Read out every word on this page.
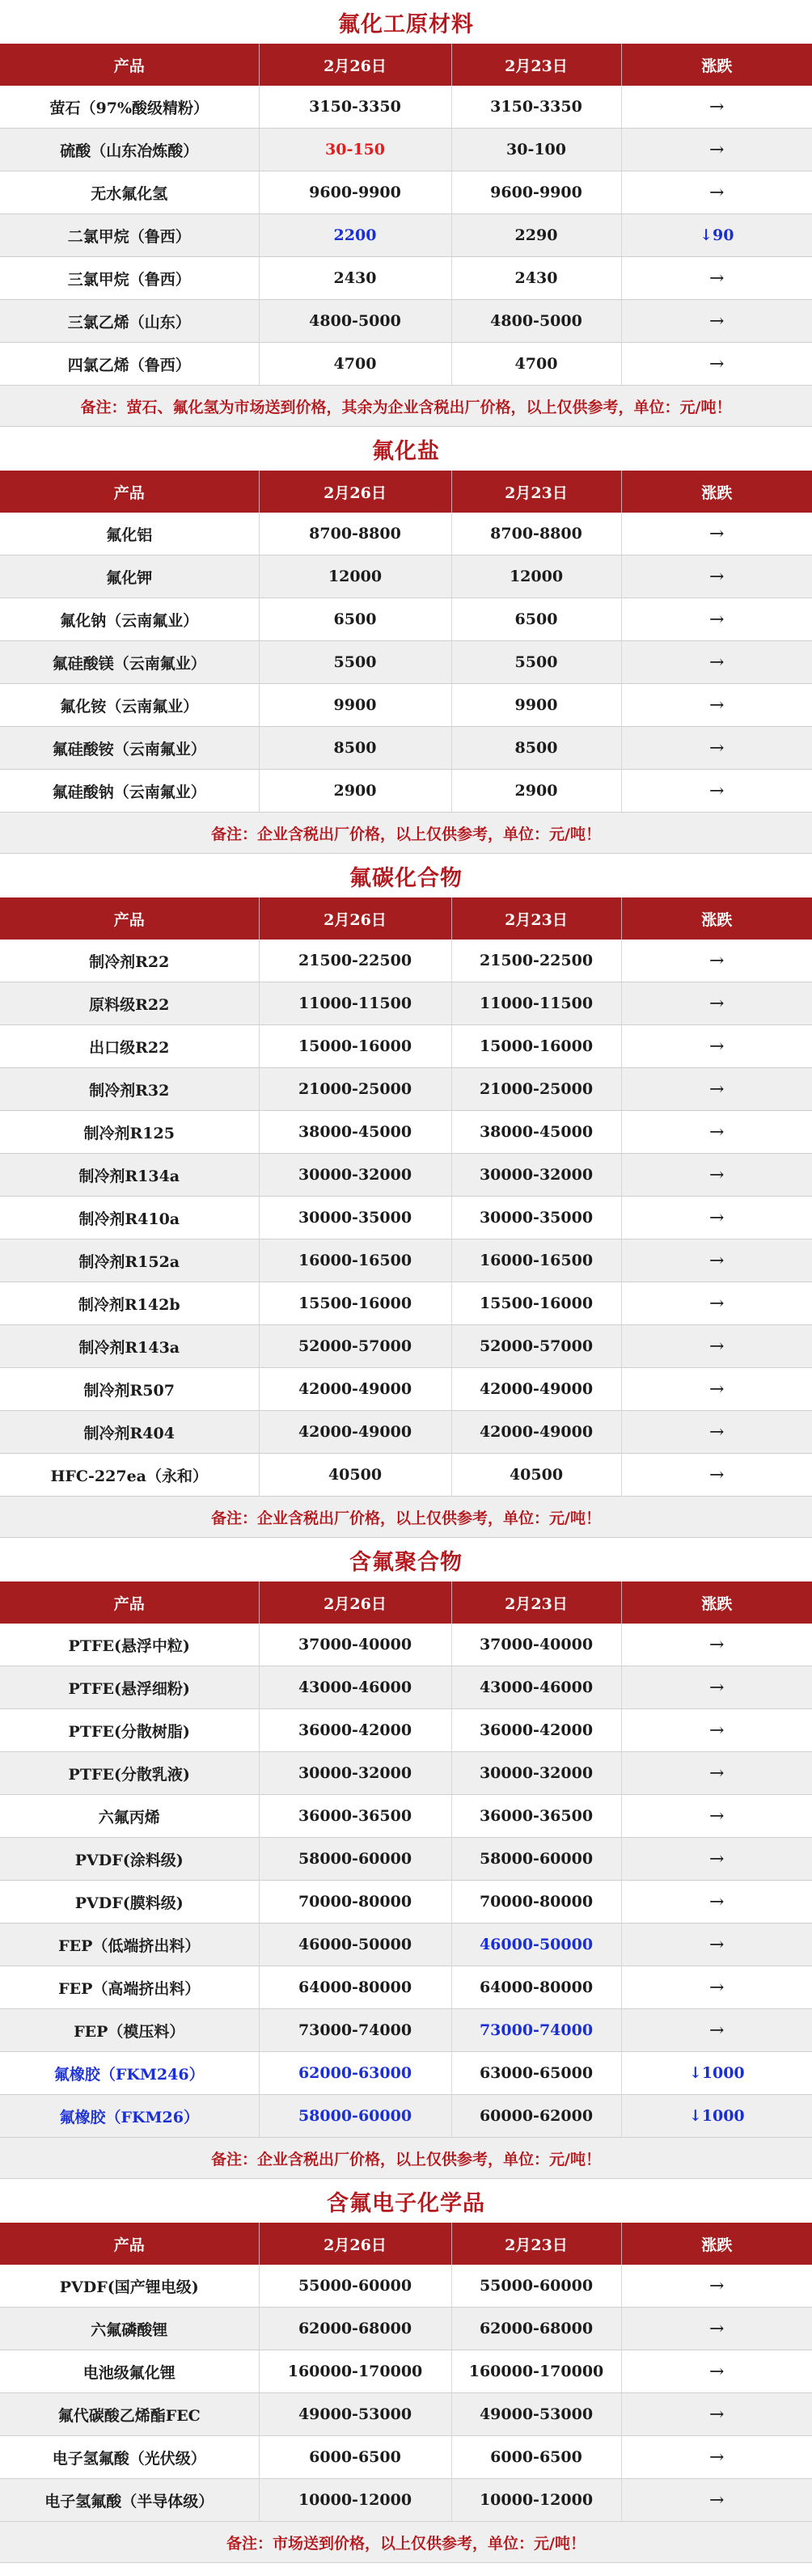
氟化工原材料
产品	2月26日	2月23日	涨跌
萤石（97%酸级精粉）	3150-3350	3150-3350	→
硫酸（山东冶炼酸）	30-150	30-100	→
无水氟化氢	9600-9900	9600-9900	→
二氯甲烷（鲁西）	2200	2290	↓90
三氯甲烷（鲁西）	2430	2430	→
三氯乙烯（山东）	4800-5000	4800-5000	→
四氯乙烯（鲁西）	4700	4700	→
备注：萤石、氟化氢为市场送到价格，其余为企业含税出厂价格，以上仅供参考，单位：元/吨！
氟化盐
产品	2月26日	2月23日	涨跌
氟化铝	8700-8800	8700-8800	→
氟化钾	12000	12000	→
氟化钠（云南氟业）	6500	6500	→
氟硅酸镁（云南氟业）	5500	5500	→
氟化铵（云南氟业）	9900	9900	→
氟硅酸铵（云南氟业）	8500	8500	→
氟硅酸钠（云南氟业）	2900	2900	→
备注：企业含税出厂价格，以上仅供参考，单位：元/吨！
氟碳化合物
产品	2月26日	2月23日	涨跌
制冷剂R22	21500-22500	21500-22500	→
原料级R22	11000-11500	11000-11500	→
出口级R22	15000-16000	15000-16000	→
制冷剂R32	21000-25000	21000-25000	→
制冷剂R125	38000-45000	38000-45000	→
制冷剂R134a	30000-32000	30000-32000	→
制冷剂R410a	30000-35000	30000-35000	→
制冷剂R152a	16000-16500	16000-16500	→
制冷剂R142b	15500-16000	15500-16000	→
制冷剂R143a	52000-57000	52000-57000	→
制冷剂R507	42000-49000	42000-49000	→
制冷剂R404	42000-49000	42000-49000	→
HFC-227ea（永和）	40500	40500	→
备注：企业含税出厂价格，以上仅供参考，单位：元/吨！
含氟聚合物
产品	2月26日	2月23日	涨跌
PTFE(悬浮中粒)	37000-40000	37000-40000	→
PTFE(悬浮细粉)	43000-46000	43000-46000	→
PTFE(分散树脂)	36000-42000	36000-42000	→
PTFE(分散乳液)	30000-32000	30000-32000	→
六氟丙烯	36000-36500	36000-36500	→
PVDF(涂料级)	58000-60000	58000-60000	→
PVDF(膜料级)	70000-80000	70000-80000	→
FEP（低端挤出料）	46000-50000	46000-50000	→
FEP（高端挤出料）	64000-80000	64000-80000	→
FEP（模压料）	73000-74000	73000-74000	→
氟橡胶（FKM246）	62000-63000	63000-65000	↓1000
氟橡胶（FKM26）	58000-60000	60000-62000	↓1000
备注：企业含税出厂价格，以上仅供参考，单位：元/吨！
含氟电子化学品
产品	2月26日	2月23日	涨跌
PVDF(国产锂电级)	55000-60000	55000-60000	→
六氟磷酸锂	62000-68000	62000-68000	→
电池级氟化锂	160000-170000	160000-170000	→
氟代碳酸乙烯酯FEC	49000-53000	49000-53000	→
电子氢氟酸（光伏级）	6000-6500	6000-6500	→
电子氢氟酸（半导体级）	10000-12000	10000-12000	→
备注：市场送到价格，以上仅供参考，单位：元/吨！
